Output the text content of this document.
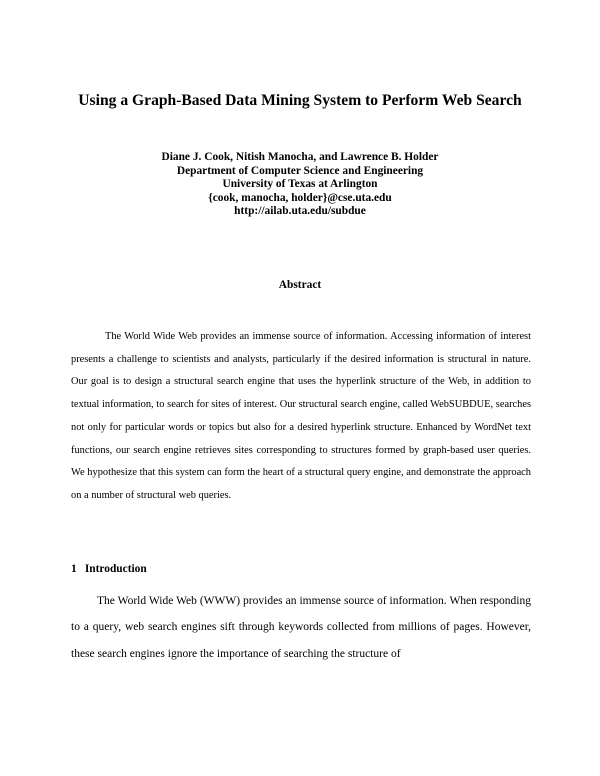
Using a Graph-Based Data Mining System to Perform Web Search
Diane J. Cook, Nitish Manocha, and Lawrence B. Holder
Department of Computer Science and Engineering
University of Texas at Arlington
{cook, manocha, holder}@cse.uta.edu
http://ailab.uta.edu/subdue
Abstract

The World Wide Web provides an immense source of information. Accessing information of interest presents a challenge to scientists and analysts, particularly if the desired information is structural in nature. Our goal is to design a structural search engine that uses the hyperlink structure of the Web, in addition to textual information, to search for sites of interest. Our structural search engine, called WebSUBDUE, searches not only for particular words or topics but also for a desired hyperlink structure. Enhanced by WordNet text functions, our search engine retrieves sites corresponding to structures formed by graph-based user queries. We hypothesize that this system can form the heart of a structural query engine, and demonstrate the approach on a number of structural web queries.

1 Introduction

The World Wide Web (WWW) provides an immense source of information. When responding to a query, web search engines sift through keywords collected from millions of pages. However, these search engines ignore the importance of searching the structure of
